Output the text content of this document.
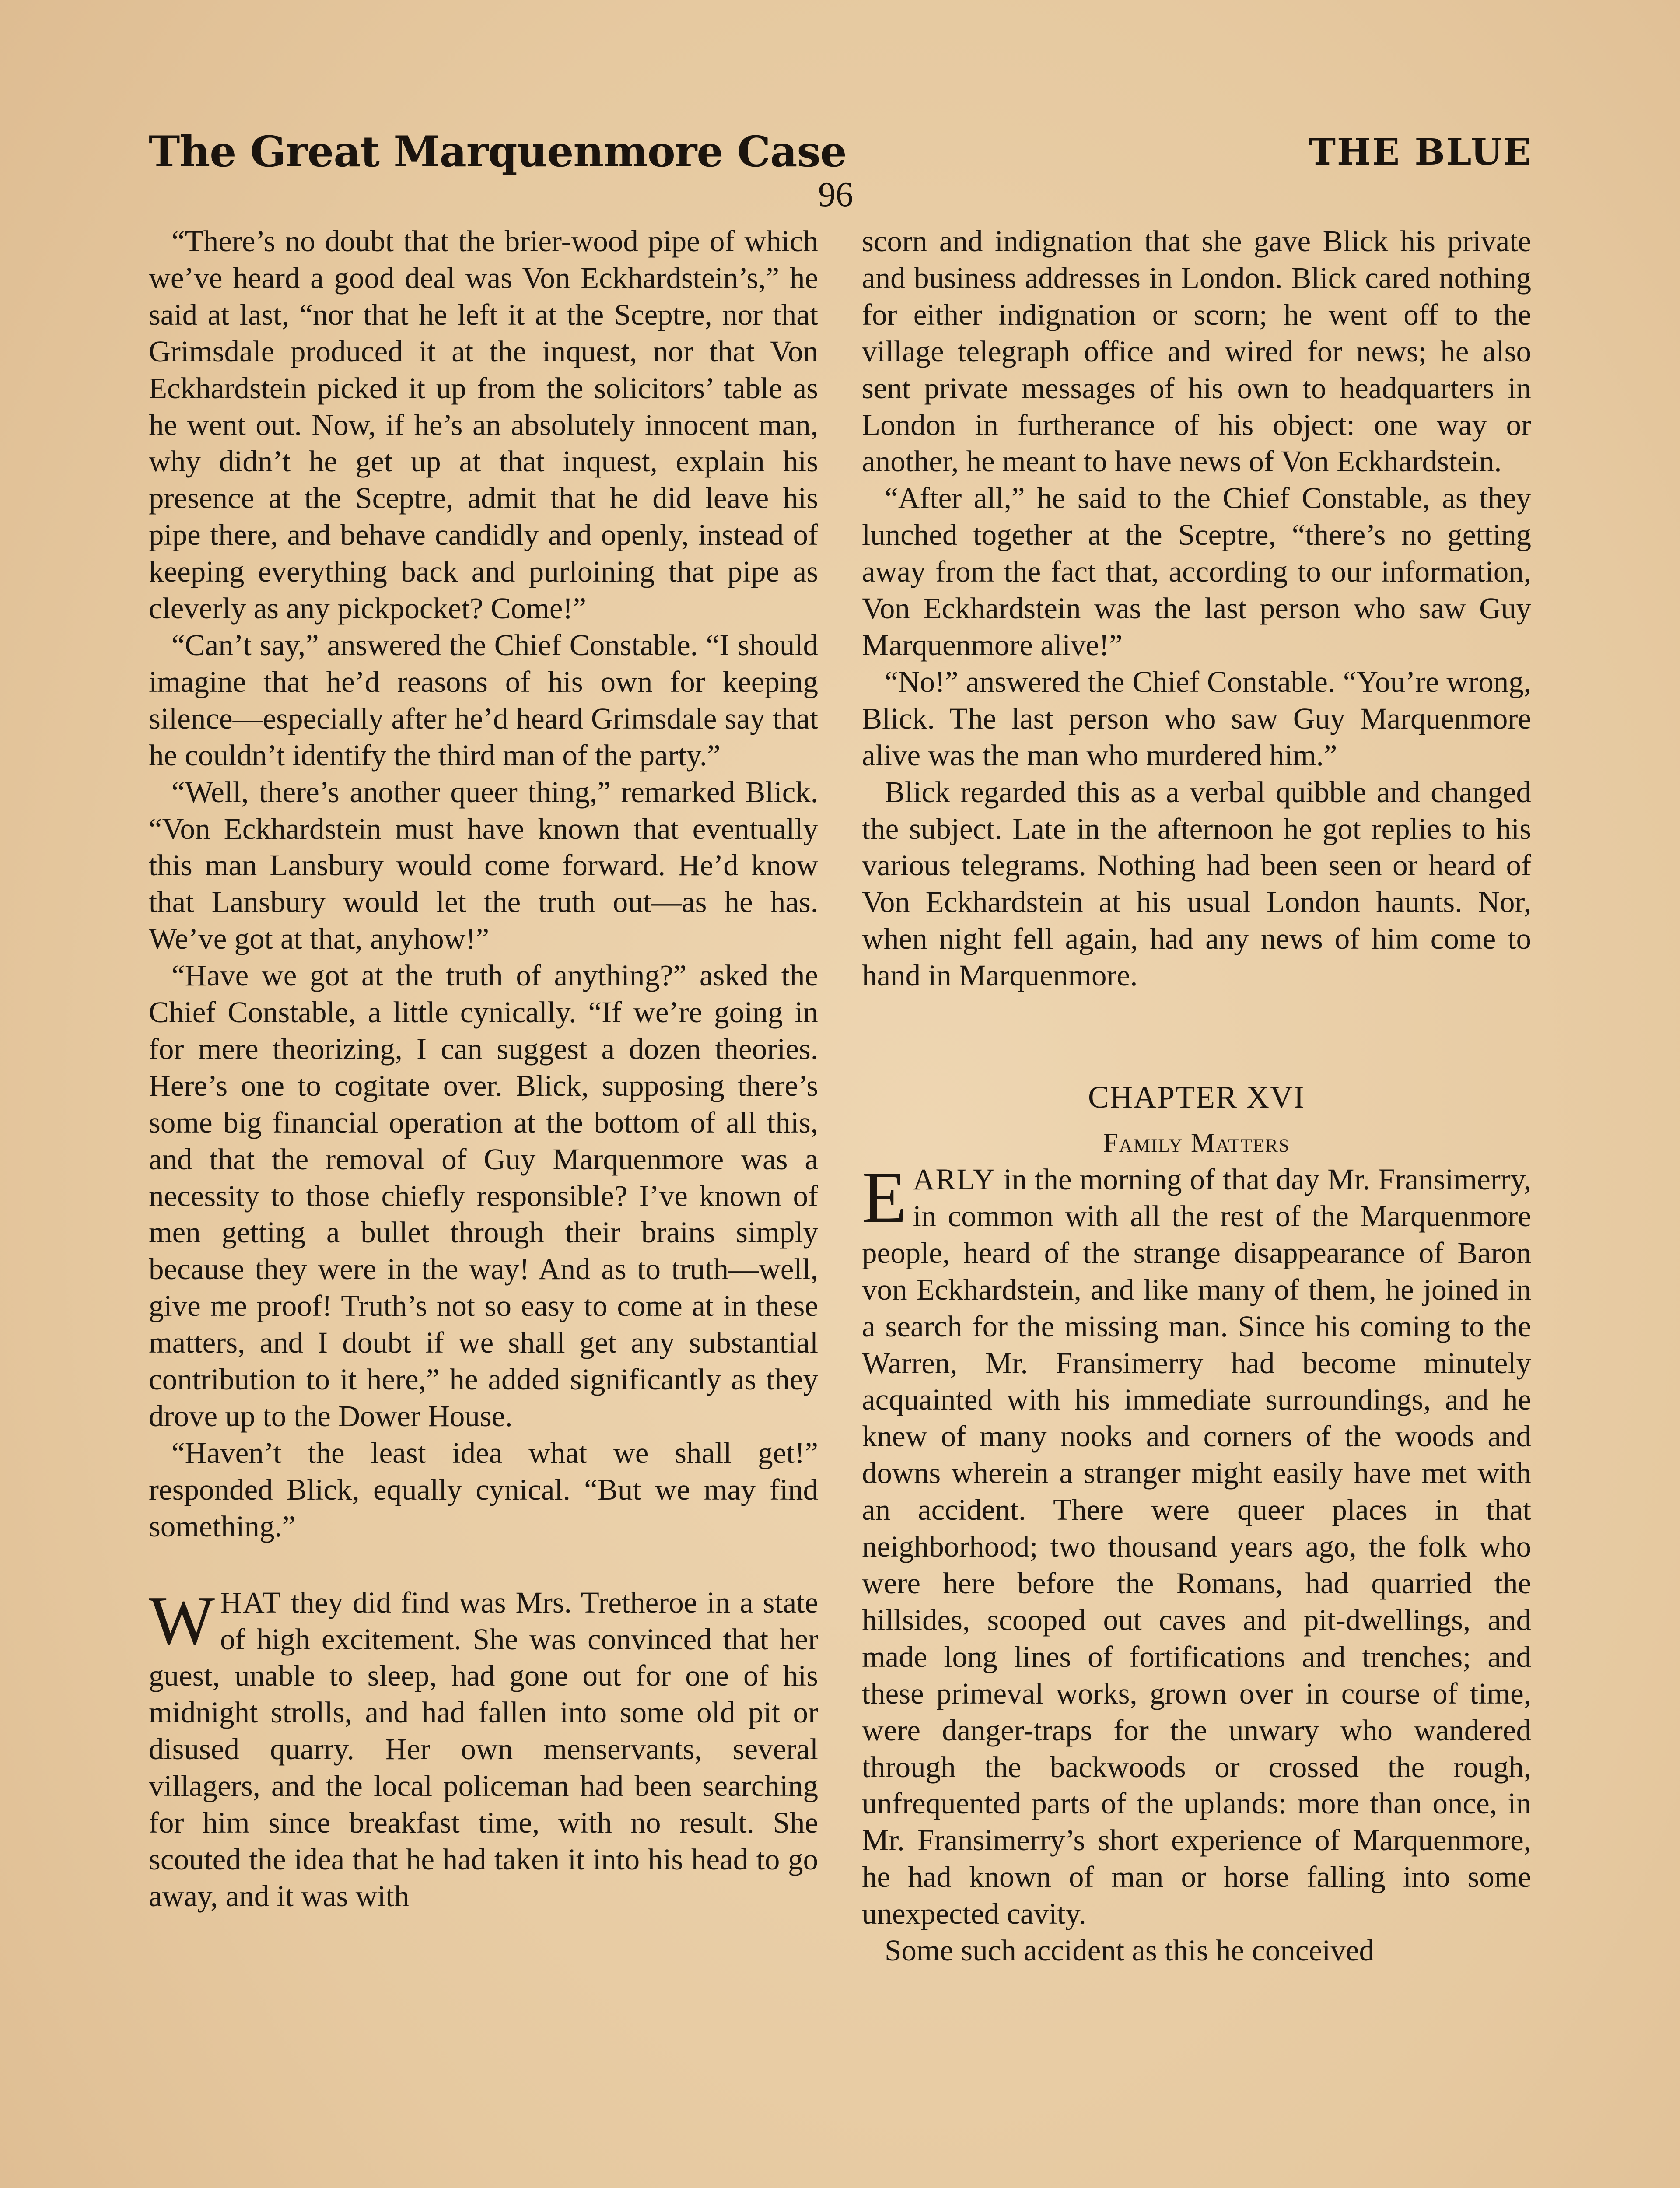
The Great Marquenmore Case	THE BLUE
96

“There’s no doubt that the brier-wood pipe of which we’ve heard a good deal was Von Eckhardstein’s,” he said at last, “nor that he left it at the Sceptre, nor that Grimsdale produced it at the inquest, nor that Von Eckhardstein picked it up from the solicitors’ table as he went out. Now, if he’s an absolutely innocent man, why didn’t he get up at that inquest, explain his presence at the Sceptre, admit that he did leave his pipe there, and behave candidly and openly, instead of keeping everything back and purloining that pipe as cleverly as any pickpocket? Come!”

“Can’t say,” answered the Chief Constable. “I should imagine that he’d reasons of his own for keeping silence—especially after he’d heard Grimsdale say that he couldn’t identify the third man of the party.”

“Well, there’s another queer thing,” remarked Blick. “Von Eckhardstein must have known that eventually this man Lansbury would come forward. He’d know that Lansbury would let the truth out—as he has. We’ve got at that, anyhow!”

“Have we got at the truth of anything?” asked the Chief Constable, a little cynically. “If we’re going in for mere theorizing, I can suggest a dozen theories. Here’s one to cogitate over. Blick, supposing there’s some big financial operation at the bottom of all this, and that the removal of Guy Marquenmore was a necessity to those chiefly responsible? I’ve known of men getting a bullet through their brains simply because they were in the way! And as to truth—well, give me proof! Truth’s not so easy to come at in these matters, and I doubt if we shall get any substantial contribution to it here,” he added significantly as they drove up to the Dower House.

“Haven’t the least idea what we shall get!” responded Blick, equally cynical. “But we may find something.”

WHAT they did find was Mrs. Tretheroe in a state of high excitement. She was convinced that her guest, unable to sleep, had gone out for one of his midnight strolls, and had fallen into some old pit or disused quarry. Her own menservants, several villagers, and the local policeman had been searching for him since breakfast time, with no result. She scouted the idea that he had taken it into his head to go away, and it was with

scorn and indignation that she gave Blick his private and business addresses in London. Blick cared nothing for either indignation or scorn; he went off to the village telegraph office and wired for news; he also sent private messages of his own to headquarters in London in furtherance of his object: one way or another, he meant to have news of Von Eckhardstein.

“After all,” he said to the Chief Constable, as they lunched together at the Sceptre, “there’s no getting away from the fact that, according to our information, Von Eckhardstein was the last person who saw Guy Marquenmore alive!”

“No!” answered the Chief Constable. “You’re wrong, Blick. The last person who saw Guy Marquenmore alive was the man who murdered him.”

Blick regarded this as a verbal quibble and changed the subject. Late in the afternoon he got replies to his various telegrams. Nothing had been seen or heard of Von Eckhardstein at his usual London haunts. Nor, when night fell again, had any news of him come to hand in Marquenmore.

CHAPTER XVI
Family Matters

EARLY in the morning of that day Mr. Fransimerry, in common with all the rest of the Marquenmore people, heard of the strange disappearance of Baron von Eckhardstein, and like many of them, he joined in a search for the missing man. Since his coming to the Warren, Mr. Fransimerry had become minutely acquainted with his immediate surroundings, and he knew of many nooks and corners of the woods and downs wherein a stranger might easily have met with an accident. There were queer places in that neighborhood; two thousand years ago, the folk who were here before the Romans, had quarried the hillsides, scooped out caves and pit-dwellings, and made long lines of fortifications and trenches; and these primeval works, grown over in course of time, were danger-traps for the unwary who wandered through the backwoods or crossed the rough, unfrequented parts of the uplands: more than once, in Mr. Fransimerry’s short experience of Marquenmore, he had known of man or horse falling into some unexpected cavity.

Some such accident as this he conceived
